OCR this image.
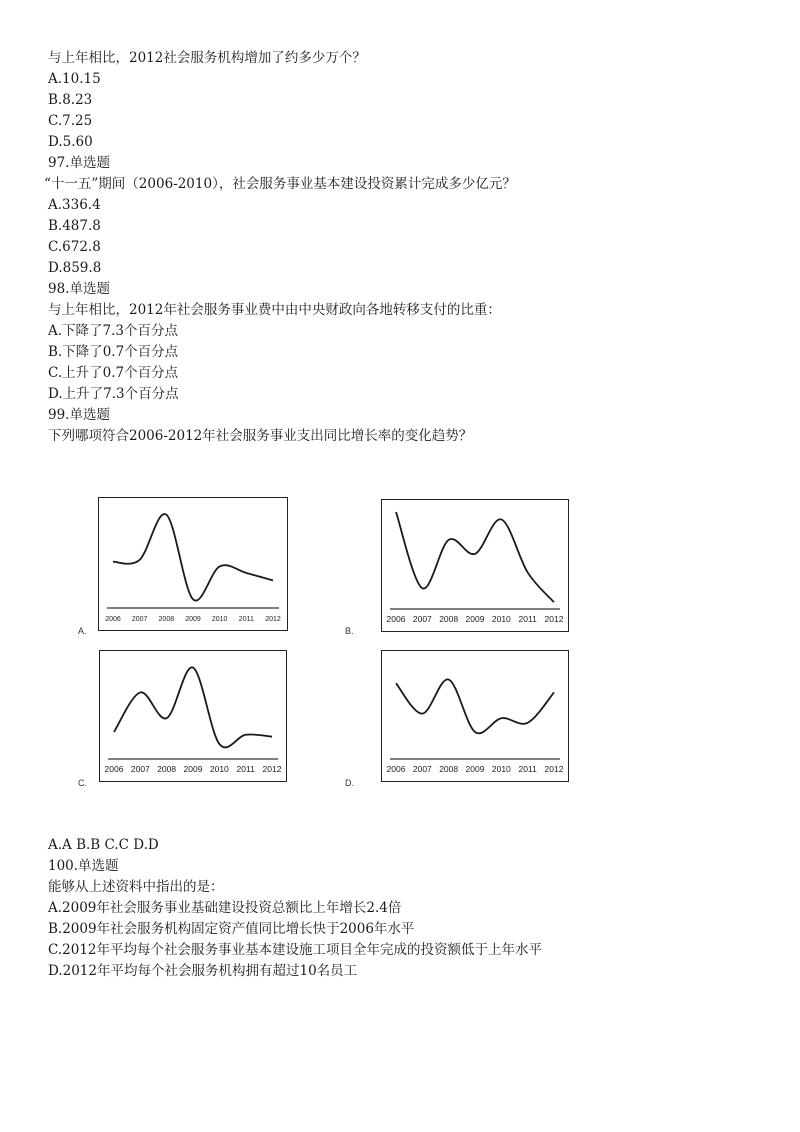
与上年相比，2012社会服务机构增加了约多少万个？
A.10.15
B.8.23
C.7.25
D.5.60
97.单选题
“十一五”期间（2006-2010），社会服务事业基本建设投资累计完成多少亿元？
A.336.4
B.487.8
C.672.8
D.859.8
98.单选题
与上年相比，2012年社会服务事业费中由中央财政向各地转移支付的比重：
A.下降了7.3个百分点
B.下降了0.7个百分点
C.上升了0.7个百分点
D.上升了7.3个百分点
99.单选题
下列哪项符合2006-2012年社会服务事业支出同比增长率的变化趋势？
2006 2007 2008 2009 2010 2011 2012
A.
2006 2007 2008 2009 2010 2011 2012
B.
2006 2007 2008 2009 2010 2011 2012
C.
2006 2007 2008 2009 2010 2011 2012
D.
A.A B.B C.C D.D
100.单选题
能够从上述资料中指出的是：
A.2009年社会服务事业基础建设投资总额比上年增长2.4倍
B.2009年社会服务机构固定资产值同比增长快于2006年水平
C.2012年平均每个社会服务事业基本建设施工项目全年完成的投资额低于上年水平
D.2012年平均每个社会服务机构拥有超过10名员工
